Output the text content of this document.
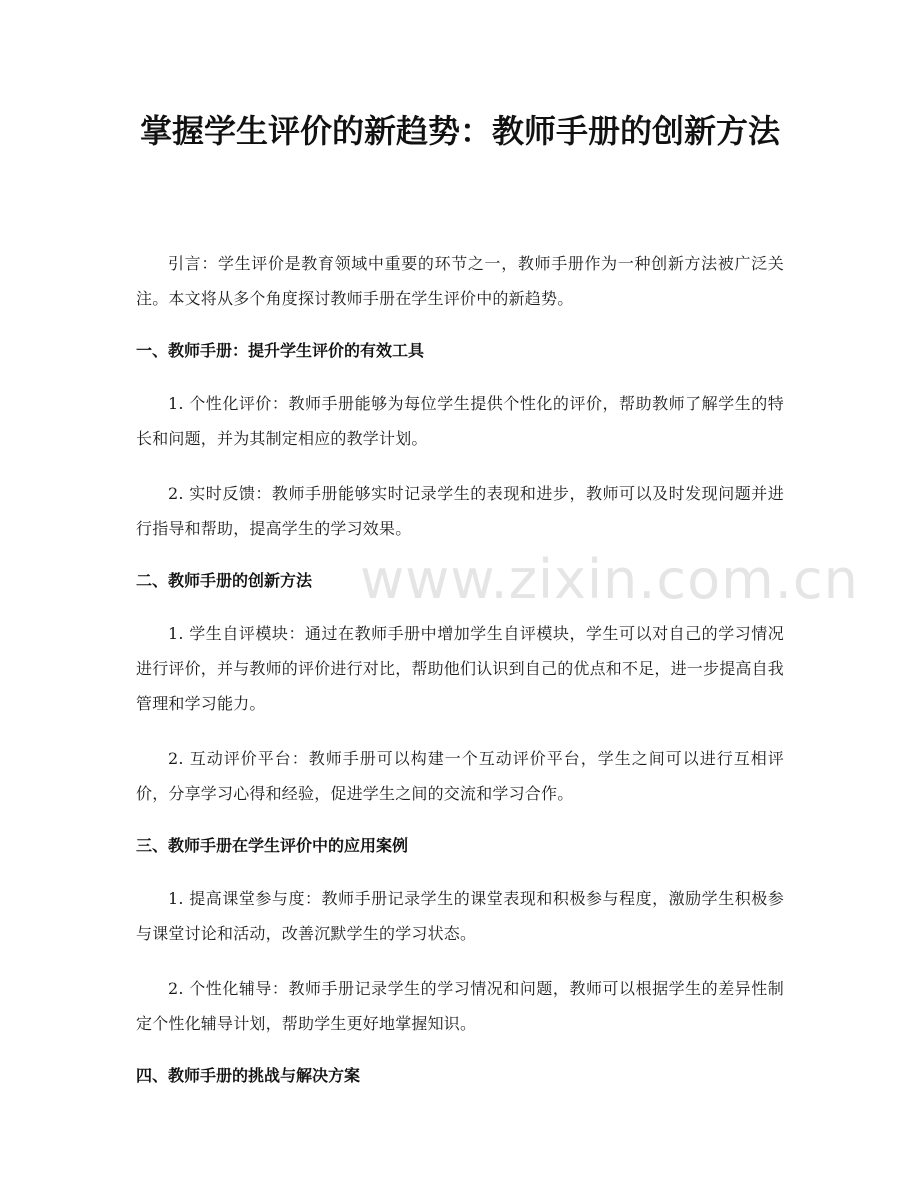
掌握学生评价的新趋势：教师手册的创新方法

引言：学生评价是教育领域中重要的环节之一，教师手册作为一种创新方法被广泛关注。本文将从多个角度探讨教师手册在学生评价中的新趋势。

一、教师手册：提升学生评价的有效工具

1. 个性化评价：教师手册能够为每位学生提供个性化的评价，帮助教师了解学生的特长和问题，并为其制定相应的教学计划。

2. 实时反馈：教师手册能够实时记录学生的表现和进步，教师可以及时发现问题并进行指导和帮助，提高学生的学习效果。

二、教师手册的创新方法

1. 学生自评模块：通过在教师手册中增加学生自评模块，学生可以对自己的学习情况进行评价，并与教师的评价进行对比，帮助他们认识到自己的优点和不足，进一步提高自我管理和学习能力。

2. 互动评价平台：教师手册可以构建一个互动评价平台，学生之间可以进行互相评价，分享学习心得和经验，促进学生之间的交流和学习合作。

三、教师手册在学生评价中的应用案例

1. 提高课堂参与度：教师手册记录学生的课堂表现和积极参与程度，激励学生积极参与课堂讨论和活动，改善沉默学生的学习状态。

2. 个性化辅导：教师手册记录学生的学习情况和问题，教师可以根据学生的差异性制定个性化辅导计划，帮助学生更好地掌握知识。

四、教师手册的挑战与解决方案
www.zixin.com.cn
